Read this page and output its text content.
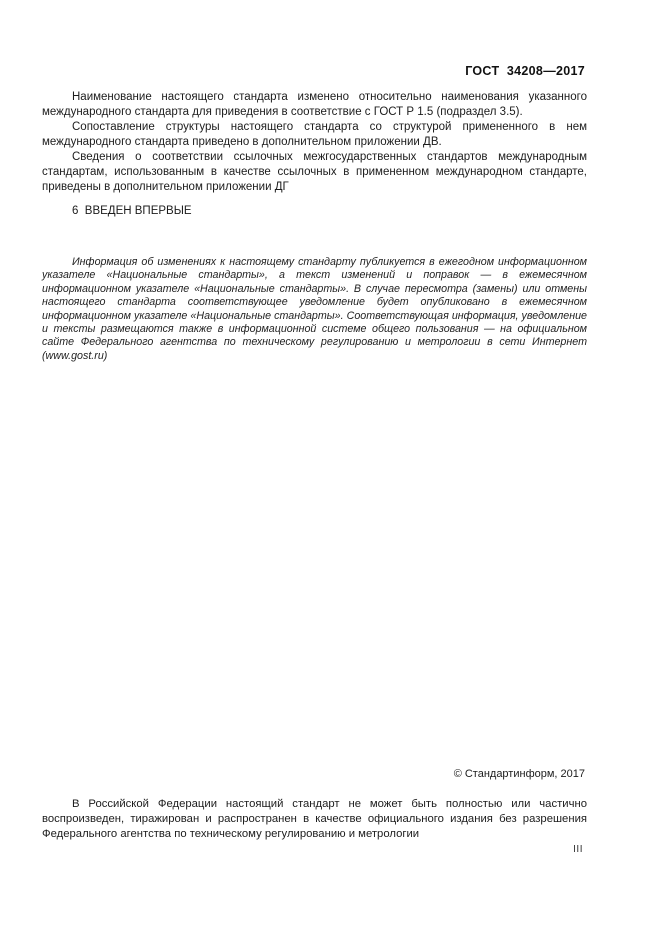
ГОСТ  34208—2017

Наименование настоящего стандарта изменено относительно наименования указанного международного стандарта для приведения в соответствие с ГОСТ Р 1.5 (подраздел 3.5).

Сопоставление структуры настоящего стандарта со структурой примененного в нем международного стандарта приведено в дополнительном приложении ДВ.

Сведения о соответствии ссылочных межгосударственных стандартов международным стандартам, использованным в качестве ссылочных в примененном международном стандарте, приведены в дополнительном приложении ДГ

6  ВВЕДЕН ВПЕРВЫЕ

Информация об изменениях к настоящему стандарту публикуется в ежегодном информационном указателе «Национальные стандарты», а текст изменений и поправок — в ежемесячном информационном указателе «Национальные стандарты». В случае пересмотра (замены) или отмены настоящего стандарта соответствующее уведомление будет опубликовано в ежемесячном информационном указателе «Национальные стандарты». Соответствующая информация, уведомление и тексты размещаются также в информационной системе общего пользования — на официальном сайте Федерального агентства по техническому регулированию и метрологии в сети Интернет (www.gost.ru)
© Стандартинформ, 2017
В Российской Федерации настоящий стандарт не может быть полностью или частично воспроизведен, тиражирован и распространен в качестве официального издания без разрешения Федерального агентства по техническому регулированию и метрологии
III
